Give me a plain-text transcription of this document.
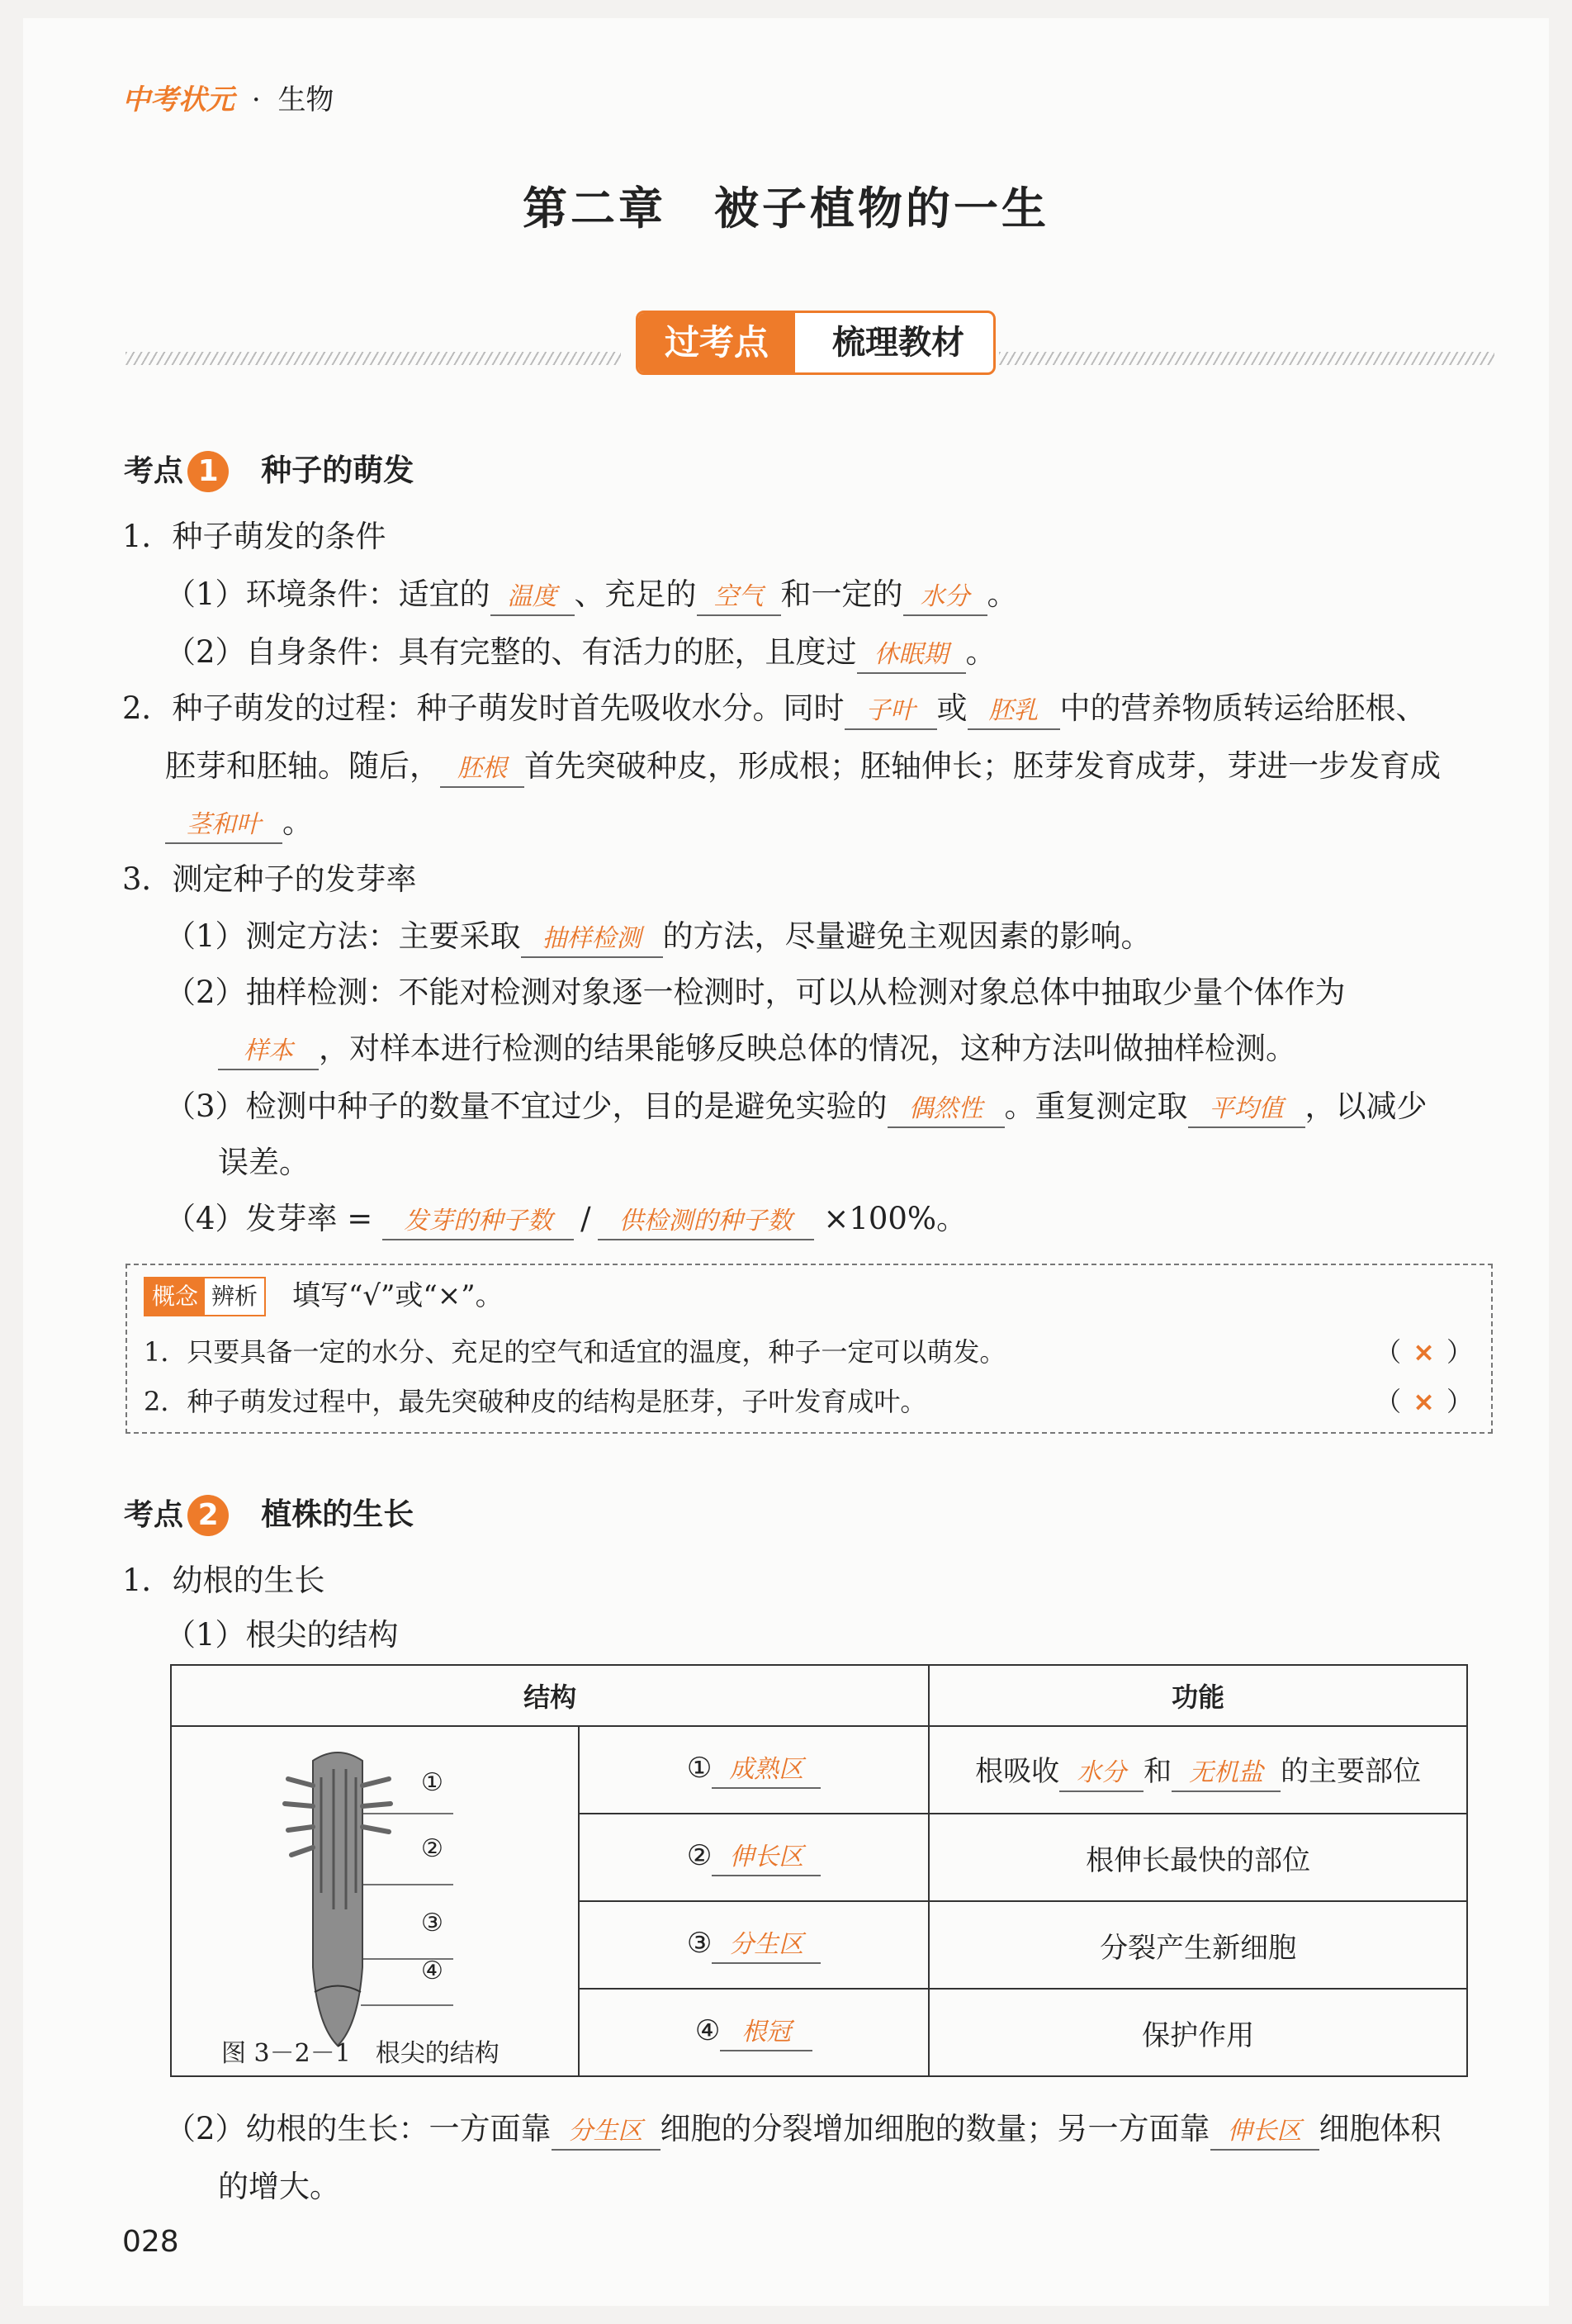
中考状元 · 生物
第二章　被子植物的一生
过考点	梳理教材
考点 1 种子的萌发
1．种子萌发的条件
（1）环境条件：适宜的 温度 、充足的 空气 和一定的 水分 。
（2）自身条件：具有完整的、有活力的胚，且度过 休眠期 。
2．种子萌发的过程：种子萌发时首先吸收水分。同时 子叶 或 胚乳 中的营养物质转运给胚根、
胚芽和胚轴。随后， 胚根 首先突破种皮，形成根；胚轴伸长；胚芽发育成芽，芽进一步发育成
茎和叶 。
3．测定种子的发芽率
（1）测定方法：主要采取 抽样检测 的方法，尽量避免主观因素的影响。
（2）抽样检测：不能对检测对象逐一检测时，可以从检测对象总体中抽取少量个体作为
样本 ，对样本进行检测的结果能够反映总体的情况，这种方法叫做抽样检测。
（3）检测中种子的数量不宜过少，目的是避免实验的 偶然性 。重复测定取 平均值 ，以减少
误差。
（4）发芽率 = 发芽的种子数 / 供检测的种子数 ×100%。
概念 辨析 填写“√”或“×”。
1．只要具备一定的水分、充足的空气和适宜的温度，种子一定可以萌发。	（ × ）
2．种子萌发过程中，最先突破种皮的结构是胚芽，子叶发育成叶。	（ × ）
考点 2 植株的生长
1．幼根的生长
（1）根尖的结构
结构		功能

①
②
③
④
图 3－2－1　根尖的结构	① 成熟区	根吸收 水分 和 无机盐 的主要部位
	② 伸长区	根伸长最快的部位
	③ 分生区	分裂产生新细胞
	④ 根冠	保护作用
（2）幼根的生长：一方面靠 分生区 细胞的分裂增加细胞的数量；另一方面靠 伸长区 细胞体积
的增大。
028
